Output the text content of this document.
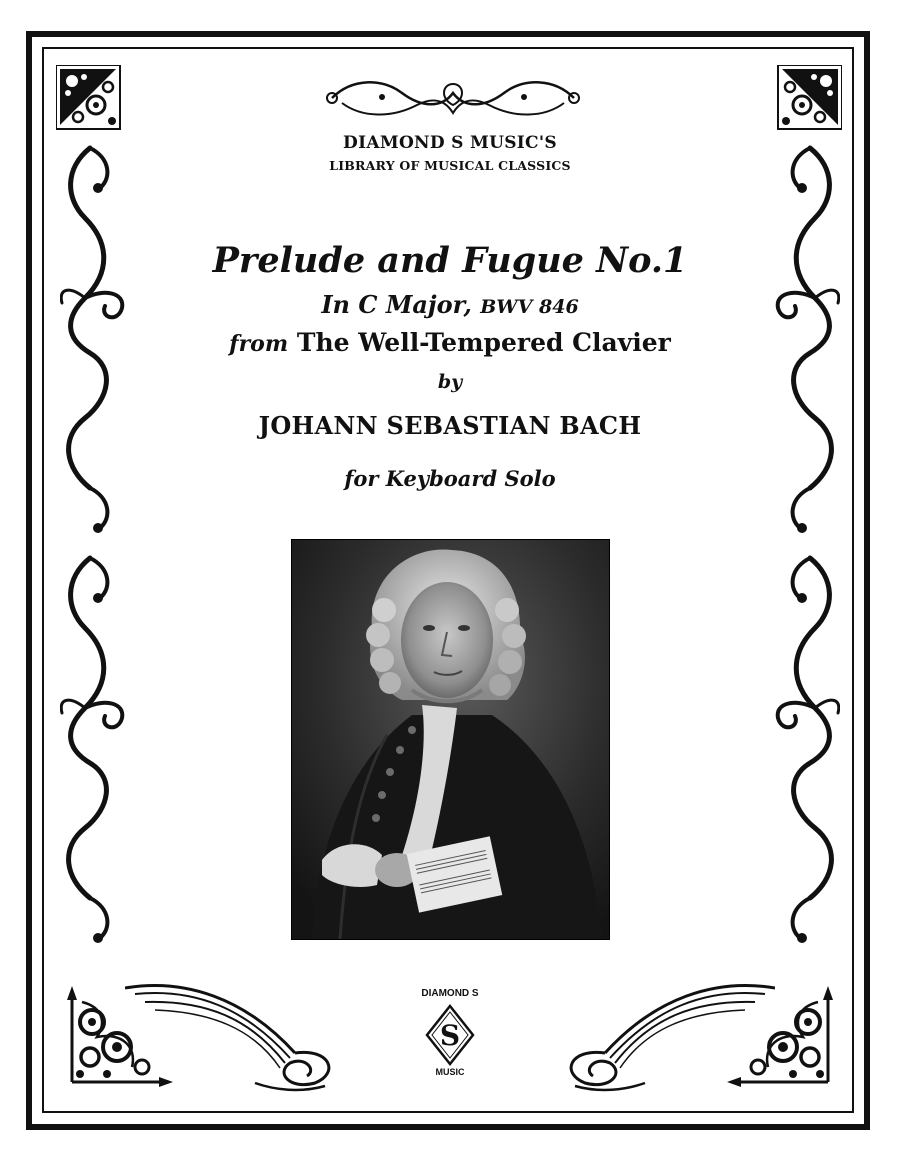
DIAMOND S MUSIC'S
LIBRARY OF MUSICAL CLASSICS
Prelude and Fugue No.1
In C Major, BWV 846
from The Well-Tempered Clavier
by
JOHANN SEBASTIAN BACH
for Keyboard Solo
DIAMOND S
S
MUSIC
